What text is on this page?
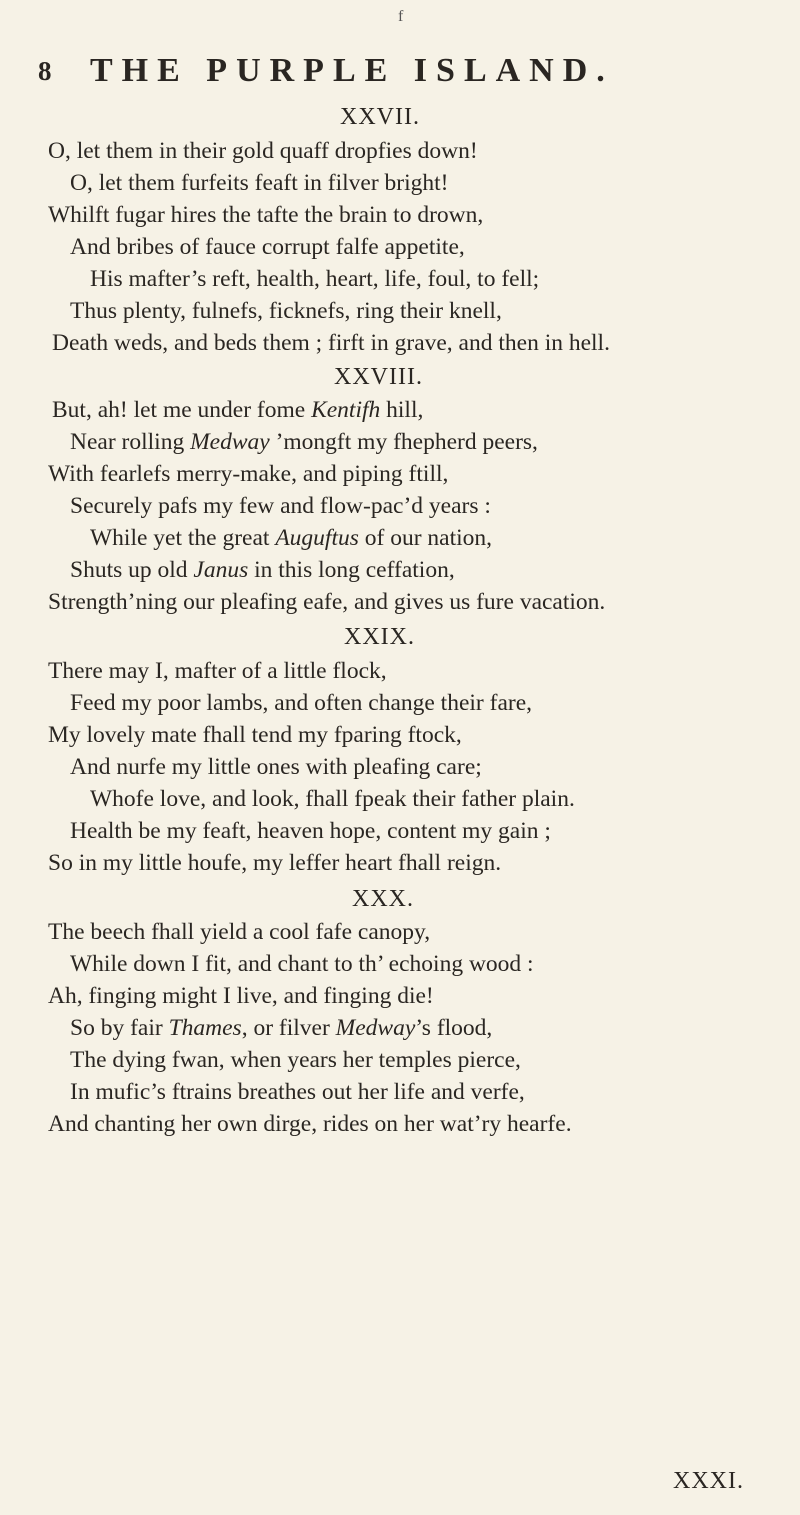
f
8 THE PURPLE ISLAND.
XXVII.
O, let them in their gold quaff dropfies down!
O, let them furfeits feaft in filver bright!
Whilft fugar hires the tafte the brain to drown,
And bribes of fauce corrupt falfe appetite,
His mafter’s reft, health, heart, life, foul, to fell;
Thus plenty, fulnefs, ficknefs, ring their knell,
Death weds, and beds them ; firft in grave, and then in hell.
XXVIII.
But, ah! let me under fome Kentifh hill,
Near rolling Medway ’mongft my fhepherd peers,
With fearlefs merry-make, and piping ftill,
Securely pafs my few and flow-pac’d years :
While yet the great Auguftus of our nation,
Shuts up old Janus in this long ceffation,
Strength’ning our pleafing eafe, and gives us fure vacation.
XXIX.
There may I, mafter of a little flock,
Feed my poor lambs, and often change their fare,
My lovely mate fhall tend my fparing ftock,
And nurfe my little ones with pleafing care;
Whofe love, and look, fhall fpeak their father plain.
Health be my feaft, heaven hope, content my gain ;
So in my little houfe, my leffer heart fhall reign.
XXX.
The beech fhall yield a cool fafe canopy,
While down I fit, and chant to th’ echoing wood :
Ah, finging might I live, and finging die!
So by fair Thames, or filver Medway’s flood,
The dying fwan, when years her temples pierce,
In mufic’s ftrains breathes out her life and verfe,
And chanting her own dirge, rides on her wat’ry hearfe.
XXXI.
